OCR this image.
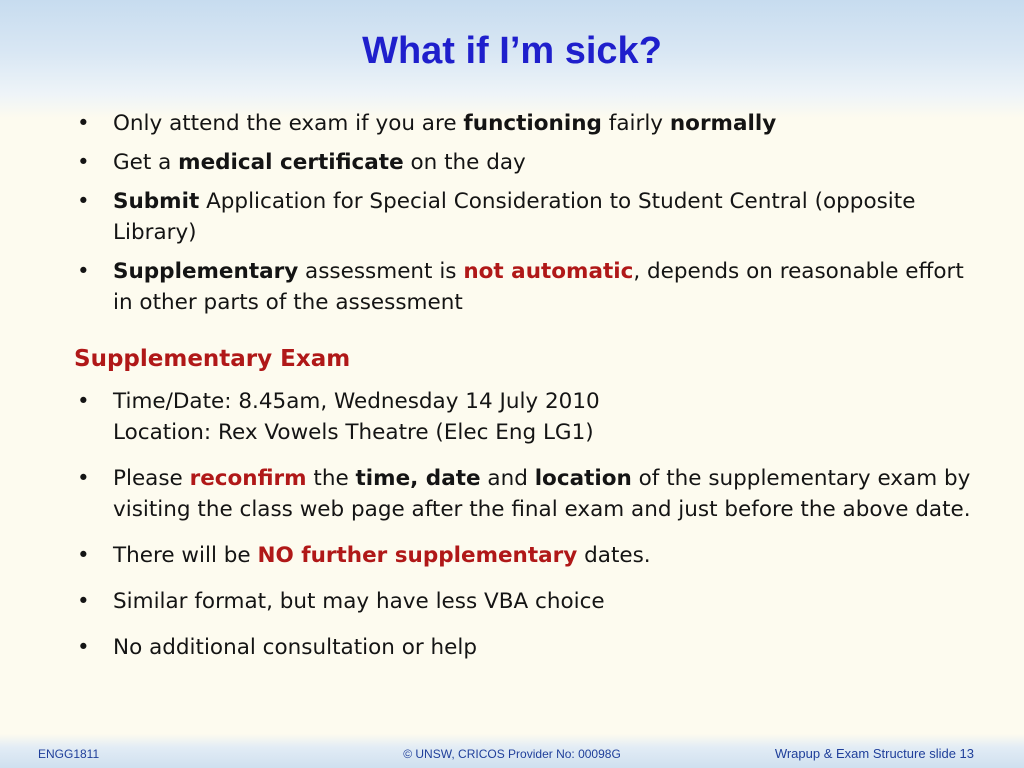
What if I’m sick?
• Only attend the exam if you are functioning fairly normally
• Get a medical certificate on the day
• Submit Application for Special Consideration to Student Central (opposite Library)
• Supplementary assessment is not automatic, depends on reasonable effort in other parts of the assessment
Supplementary Exam
• Time/Date: 8.45am, Wednesday 14 July 2010
Location: Rex Vowels Theatre (Elec Eng LG1)
• Please reconfirm the time, date and location of the supplementary exam by visiting the class web page after the final exam and just before the above date.
• There will be NO further supplementary dates.
• Similar format, but may have less VBA choice
• No additional consultation or help
ENGG1811	© UNSW, CRICOS Provider No: 00098G	Wrapup & Exam Structure slide 13
